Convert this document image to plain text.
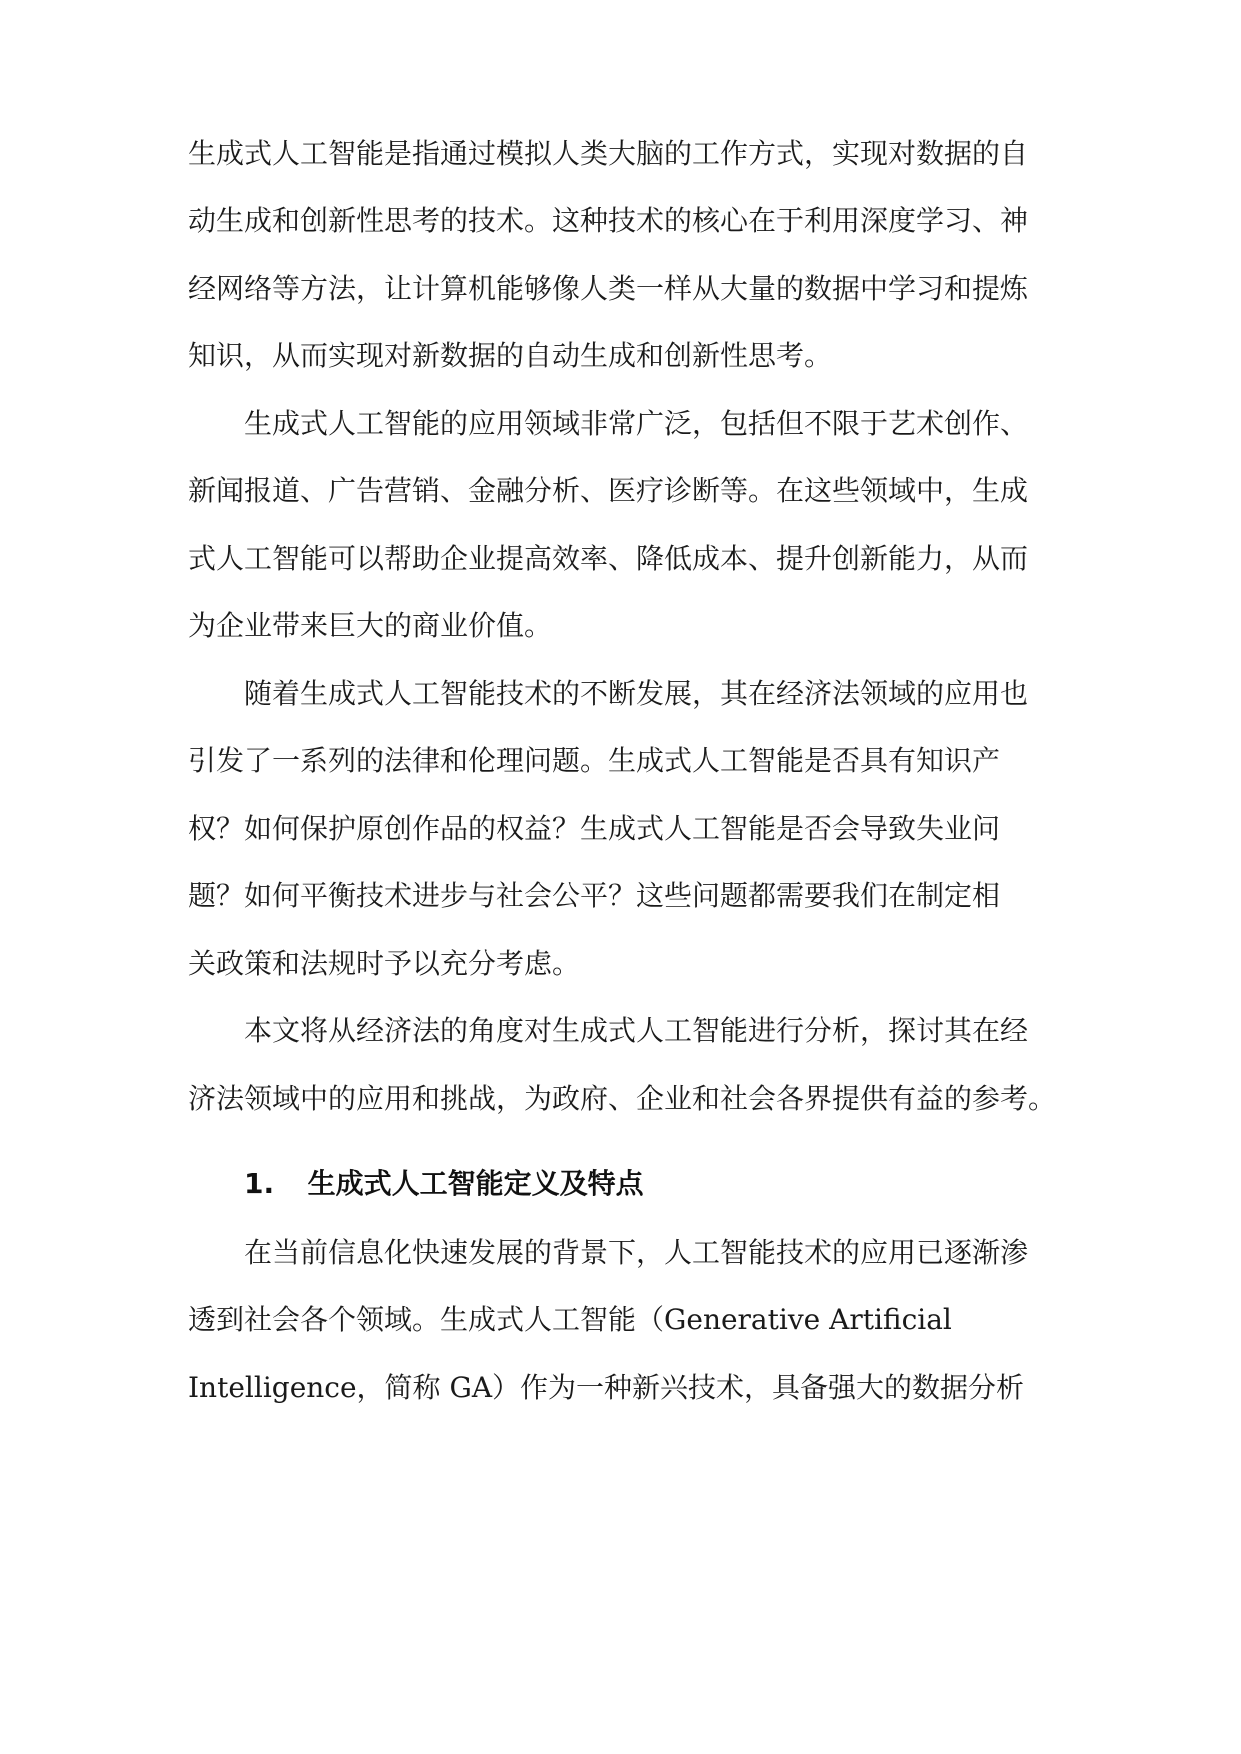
生成式人工智能是指通过模拟人类大脑的工作方式，实现对数据的自
动生成和创新性思考的技术。这种技术的核心在于利用深度学习、神
经网络等方法，让计算机能够像人类一样从大量的数据中学习和提炼
知识，从而实现对新数据的自动生成和创新性思考。
生成式人工智能的应用领域非常广泛，包括但不限于艺术创作、
新闻报道、广告营销、金融分析、医疗诊断等。在这些领域中，生成
式人工智能可以帮助企业提高效率、降低成本、提升创新能力，从而
为企业带来巨大的商业价值。
随着生成式人工智能技术的不断发展，其在经济法领域的应用也
引发了一系列的法律和伦理问题。生成式人工智能是否具有知识产
权？如何保护原创作品的权益？生成式人工智能是否会导致失业问
题？如何平衡技术进步与社会公平？这些问题都需要我们在制定相
关政策和法规时予以充分考虑。
本文将从经济法的角度对生成式人工智能进行分析，探讨其在经
济法领域中的应用和挑战，为政府、企业和社会各界提供有益的参考。
1. 生成式人工智能定义及特点
在当前信息化快速发展的背景下，人工智能技术的应用已逐渐渗
透到社会各个领域。生成式人工智能（Generative Artificial
Intelligence，简称 GA）作为一种新兴技术，具备强大的数据分析
